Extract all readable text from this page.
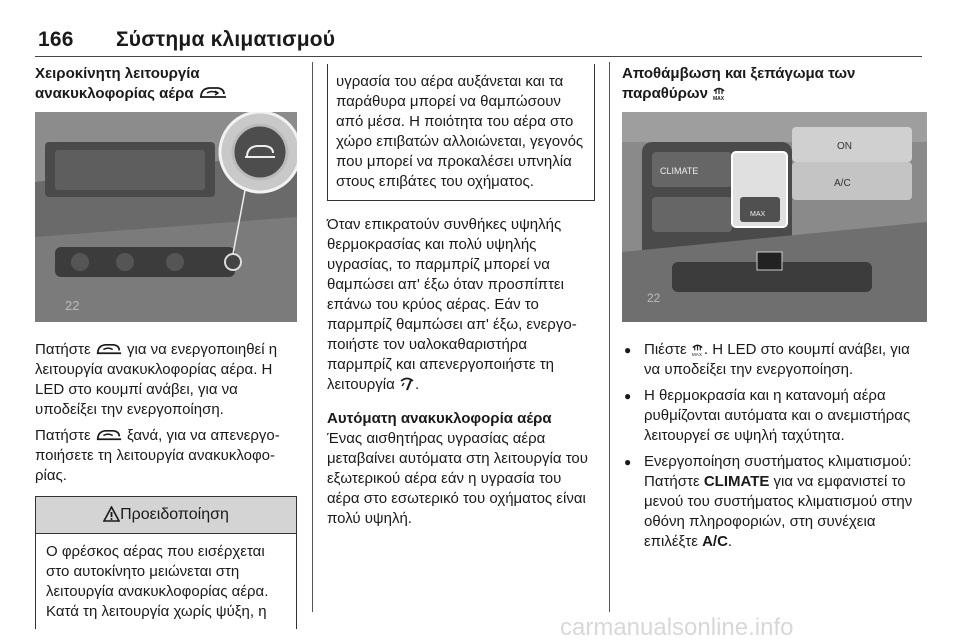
166 Σύστημα κλιματισμού
Χειροκίνητη λειτουργία
ανακυκλοφορίας αέρα
22

Πατήστε για να ενεργοποιηθεί η λειτουργία ανακυκλοφορίας αέρα. Η LED στο κουμπί ανάβει, για να υποδείξει την ενεργοποίηση.

Πατήστε ξανά, για να απενεργοποιήσετε τη λειτουργία ανακυκλοφορίας.

Προειδοποίηση
Ο φρέσκος αέρας που εισέρχεται στο αυτοκίνητο μειώνεται στη λειτουργία ανακυκλοφορίας αέρα. Κατά τη λειτουργία χωρίς ψύξη, η

υγρασία του αέρα αυξάνεται και τα παράθυρα μπορεί να θαμπώσουν από μέσα. Η ποιότητα του αέρα στο χώρο επιβατών αλλοιώνεται, γεγονός που μπορεί να προκαλέσει υπνηλία στους επιβάτες του οχήματος.

Όταν επικρατούν συνθήκες υψηλής θερμοκρασίας και πολύ υψηλής υγρασίας, το παρμπρίζ μπορεί να θαμπώσει απ' έξω όταν προσπίπτει επάνω του κρύος αέρας. Εάν το παρμπρίζ θαμπώσει απ' έξω, ενεργοποιήστε τον υαλοκαθαριστήρα παρμπρίζ και απενεργοποιήστε τη λειτουργία .

Αυτόματη ανακυκλοφορία αέρα

Ένας αισθητήρας υγρασίας αέρα μεταβαίνει αυτόματα στη λειτουργία του εξωτερικού αέρα εάν η υγρασία του αέρα στο εσωτερικό του οχήματος είναι πολύ υψηλή.

Αποθάμβωση και ξεπάγωμα των
παραθύρων MAX
CLIMATE
ON
A/C
MAX
22
● Πιέστε MAX . Η LED στο κουμπί ανάβει, για να υποδείξει την ενεργοποίηση.
● Η θερμοκρασία και η κατανομή αέρα ρυθμίζονται αυτόματα και ο ανεμιστήρας λειτουργεί σε υψηλή ταχύτητα.
● Ενεργοποίηση συστήματος κλιματισμού: Πατήστε CLIMATE για να εμφανιστεί το μενού του συστήματος κλιματισμού στην οθόνη πληροφοριών, στη συνέχεια επιλέξτε A/C.
carmanualsonline.info
